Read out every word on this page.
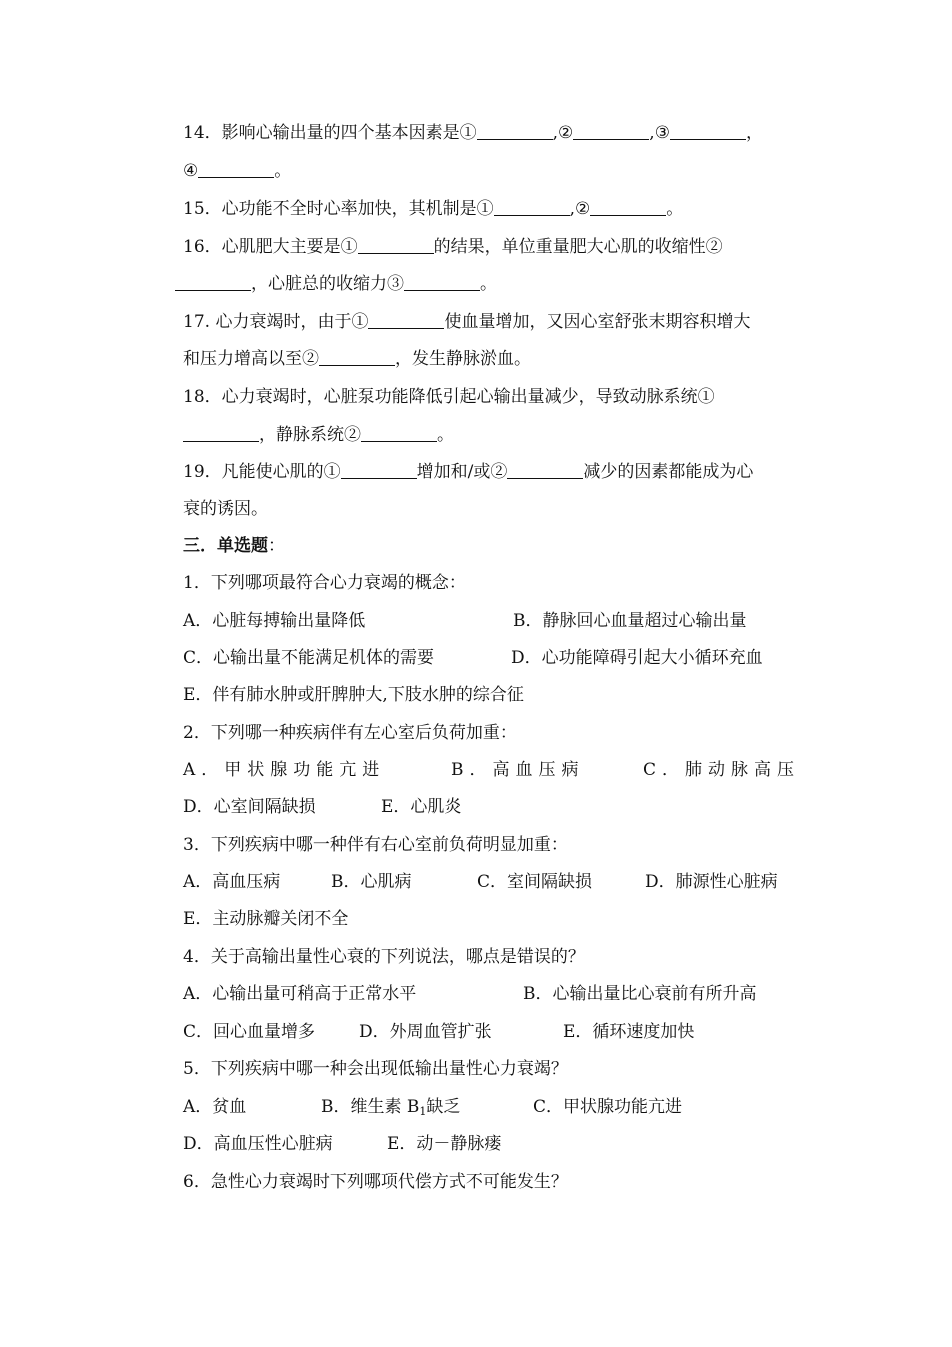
14．影响心输出量的四个基本因素是①	,②	,③	，
④	。
15．心功能不全时心率加快，其机制是①	,②	。
16．心肌肥大主要是①	的结果，单位重量肥大心肌的收缩性②
，心脏总的收缩力③	。
17. 心力衰竭时，由于①	使血量增加，又因心室舒张末期容积增大
和压力增高以至②	，发生静脉淤血。
18．心力衰竭时，心脏泵功能降低引起心输出量减少，导致动脉系统①
，静脉系统②	。
19．凡能使心肌的①	增加和/或②	减少的因素都能成为心
衰的诱因。
三．单选题：
1．下列哪项最符合心力衰竭的概念：
A．心脏每搏输出量降低	B．静脉回心血量超过心输出量
C．心输出量不能满足机体的需要	D．心功能障碍引起大小循环充血
E．伴有肺水肿或肝脾肿大,下肢水肿的综合征
2．下列哪一种疾病伴有左心室后负荷加重：
A．甲状腺功能亢进	B．高血压病	C．肺动脉高压
D．心室间隔缺损	E．心肌炎
3．下列疾病中哪一种伴有右心室前负荷明显加重：
A．高血压病	B．心肌病	C．室间隔缺损	D．肺源性心脏病
E．主动脉瓣关闭不全
4．关于高输出量性心衰的下列说法，哪点是错误的？
A．心输出量可稍高于正常水平	B．心输出量比心衰前有所升高
C．回心血量增多	D．外周血管扩张	E．循环速度加快
5．下列疾病中哪一种会出现低输出量性心力衰竭？
A．贫血	B．维生素 $B_1$缺乏	C．甲状腺功能亢进
D．高血压性心脏病	E．动－静脉瘘
6．急性心力衰竭时下列哪项代偿方式不可能发生？
